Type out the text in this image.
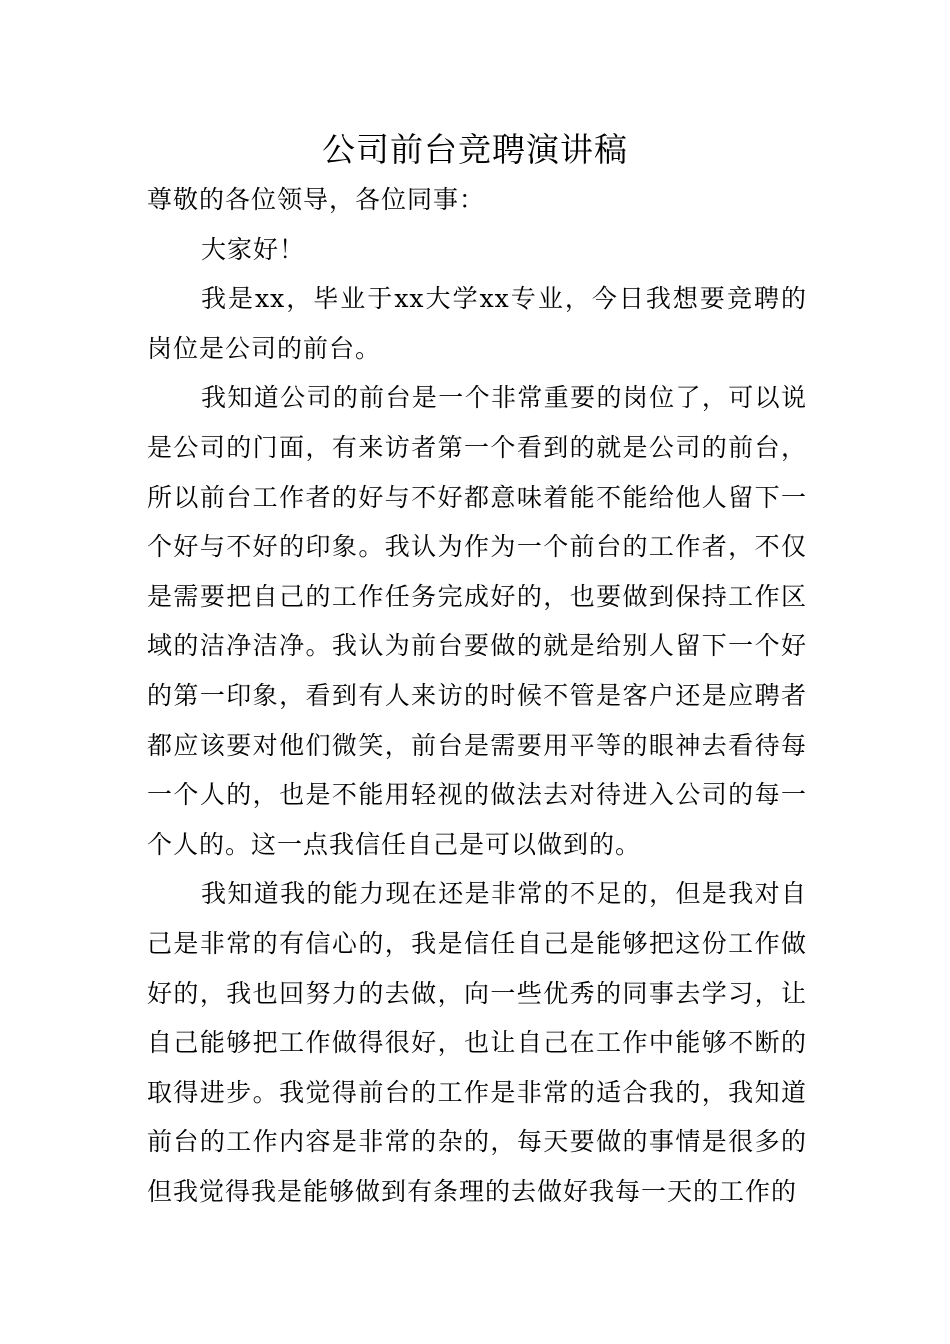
公司前台竞聘演讲稿

尊敬的各位领导，各位同事：

大家好！

我是xx，毕业于xx大学xx专业，今日我想要竞聘的岗位是公司的前台。

我知道公司的前台是一个非常重要的岗位了，可以说是公司的门面，有来访者第一个看到的就是公司的前台，所以前台工作者的好与不好都意味着能不能给他人留下一个好与不好的印象。我认为作为一个前台的工作者，不仅是需要把自己的工作任务完成好的，也要做到保持工作区域的洁净洁净。我认为前台要做的就是给别人留下一个好的第一印象，看到有人来访的时候不管是客户还是应聘者都应该要对他们微笑，前台是需要用平等的眼神去看待每一个人的，也是不能用轻视的做法去对待进入公司的每一个人的。这一点我信任自己是可以做到的。

我知道我的能力现在还是非常的不足的，但是我对自己是非常的有信心的，我是信任自己是能够把这份工作做好的，我也回努力的去做，向一些优秀的同事去学习，让自己能够把工作做得很好，也让自己在工作中能够不断的取得进步。我觉得前台的工作是非常的适合我的，我知道前台的工作内容是非常的杂的，每天要做的事情是很多的但我觉得我是能够做到有条理的去做好我每一天的工作的
